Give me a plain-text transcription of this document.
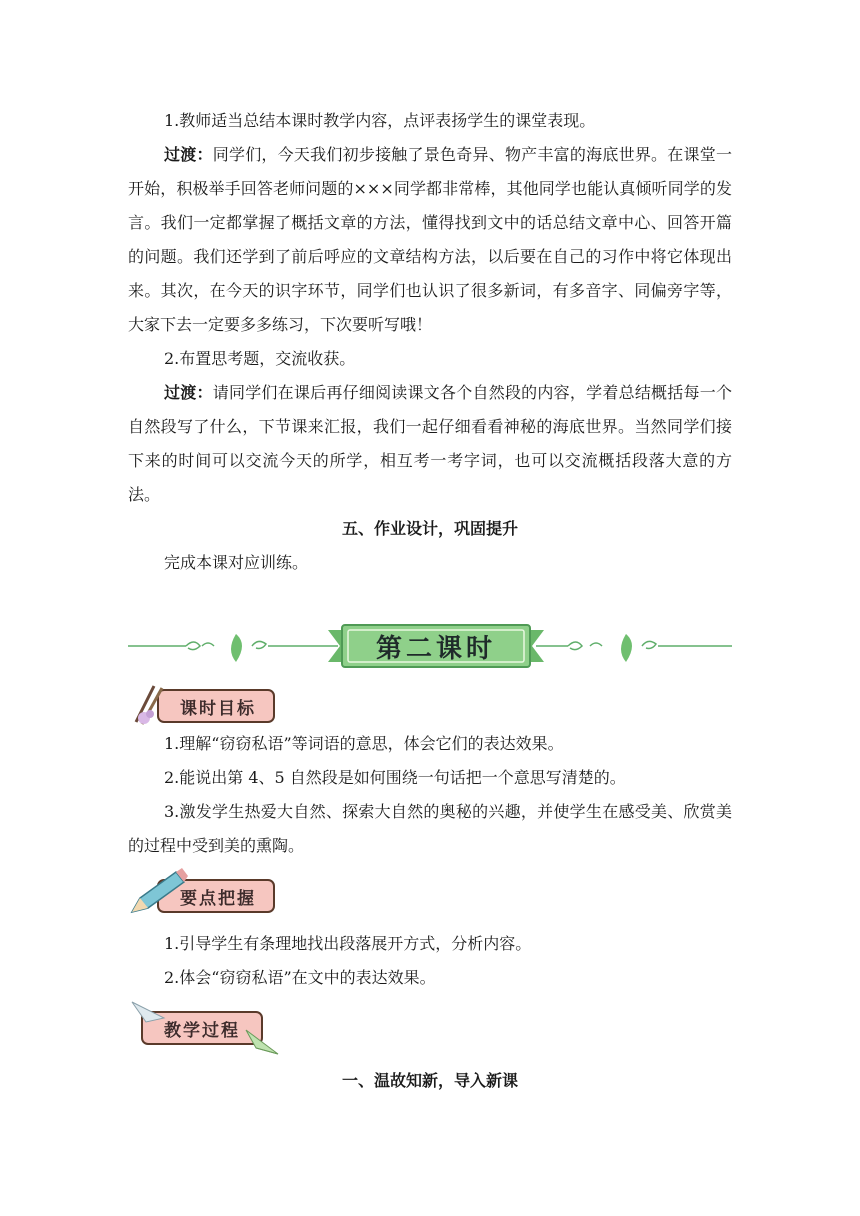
1.教师适当总结本课时教学内容，点评表扬学生的课堂表现。

过渡：同学们，今天我们初步接触了景色奇异、物产丰富的海底世界。在课堂一开始，积极举手回答老师问题的×××同学都非常棒，其他同学也能认真倾听同学的发言。我们一定都掌握了概括文章的方法，懂得找到文中的话总结文章中心、回答开篇的问题。我们还学到了前后呼应的文章结构方法，以后要在自己的习作中将它体现出来。其次，在今天的识字环节，同学们也认识了很多新词，有多音字、同偏旁字等，大家下去一定要多多练习，下次要听写哦！

2.布置思考题，交流收获。

过渡：请同学们在课后再仔细阅读课文各个自然段的内容，学着总结概括每一个自然段写了什么，下节课来汇报，我们一起仔细看看神秘的海底世界。当然同学们接下来的时间可以交流今天的所学，相互考一考字词，也可以交流概括段落大意的方法。

五、作业设计，巩固提升

完成本课对应训练。

第二课时
课时目标

1.理解“窃窃私语”等词语的意思，体会它们的表达效果。

2.能说出第 4、5 自然段是如何围绕一句话把一个意思写清楚的。

3.激发学生热爱大自然、探索大自然的奥秘的兴趣，并使学生在感受美、欣赏美的过程中受到美的熏陶。

要点把握

1.引导学生有条理地找出段落展开方式，分析内容。

2.体会“窃窃私语”在文中的表达效果。

教学过程

一、温故知新，导入新课
